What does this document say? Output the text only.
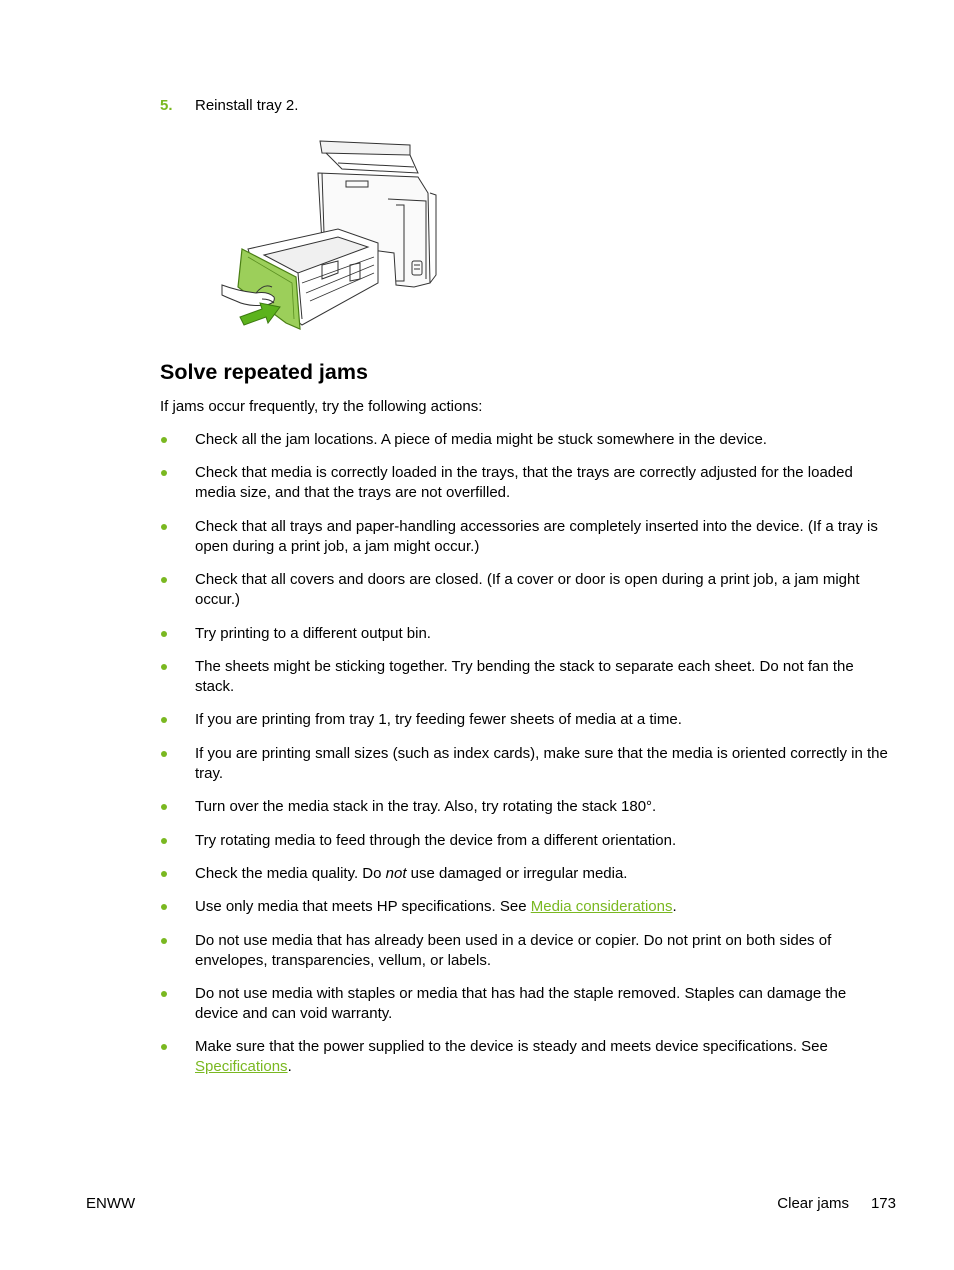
5. Reinstall tray 2.
Solve repeated jams
If jams occur frequently, try the following actions:
Check all the jam locations. A piece of media might be stuck somewhere in the device.
Check that media is correctly loaded in the trays, that the trays are correctly adjusted for the loaded media size, and that the trays are not overfilled.
Check that all trays and paper-handling accessories are completely inserted into the device. (If a tray is open during a print job, a jam might occur.)
Check that all covers and doors are closed. (If a cover or door is open during a print job, a jam might occur.)
Try printing to a different output bin.
The sheets might be sticking together. Try bending the stack to separate each sheet. Do not fan the stack.
If you are printing from tray 1, try feeding fewer sheets of media at a time.
If you are printing small sizes (such as index cards), make sure that the media is oriented correctly in the tray.
Turn over the media stack in the tray. Also, try rotating the stack 180°.
Try rotating media to feed through the device from a different orientation.
Check the media quality. Do not use damaged or irregular media.
Use only media that meets HP specifications. See Media considerations.
Do not use media that has already been used in a device or copier. Do not print on both sides of envelopes, transparencies, vellum, or labels.
Do not use media with staples or media that has had the staple removed. Staples can damage the device and can void warranty.
Make sure that the power supplied to the device is steady and meets device specifications. See Specifications.
ENWW	Clear jams 173
